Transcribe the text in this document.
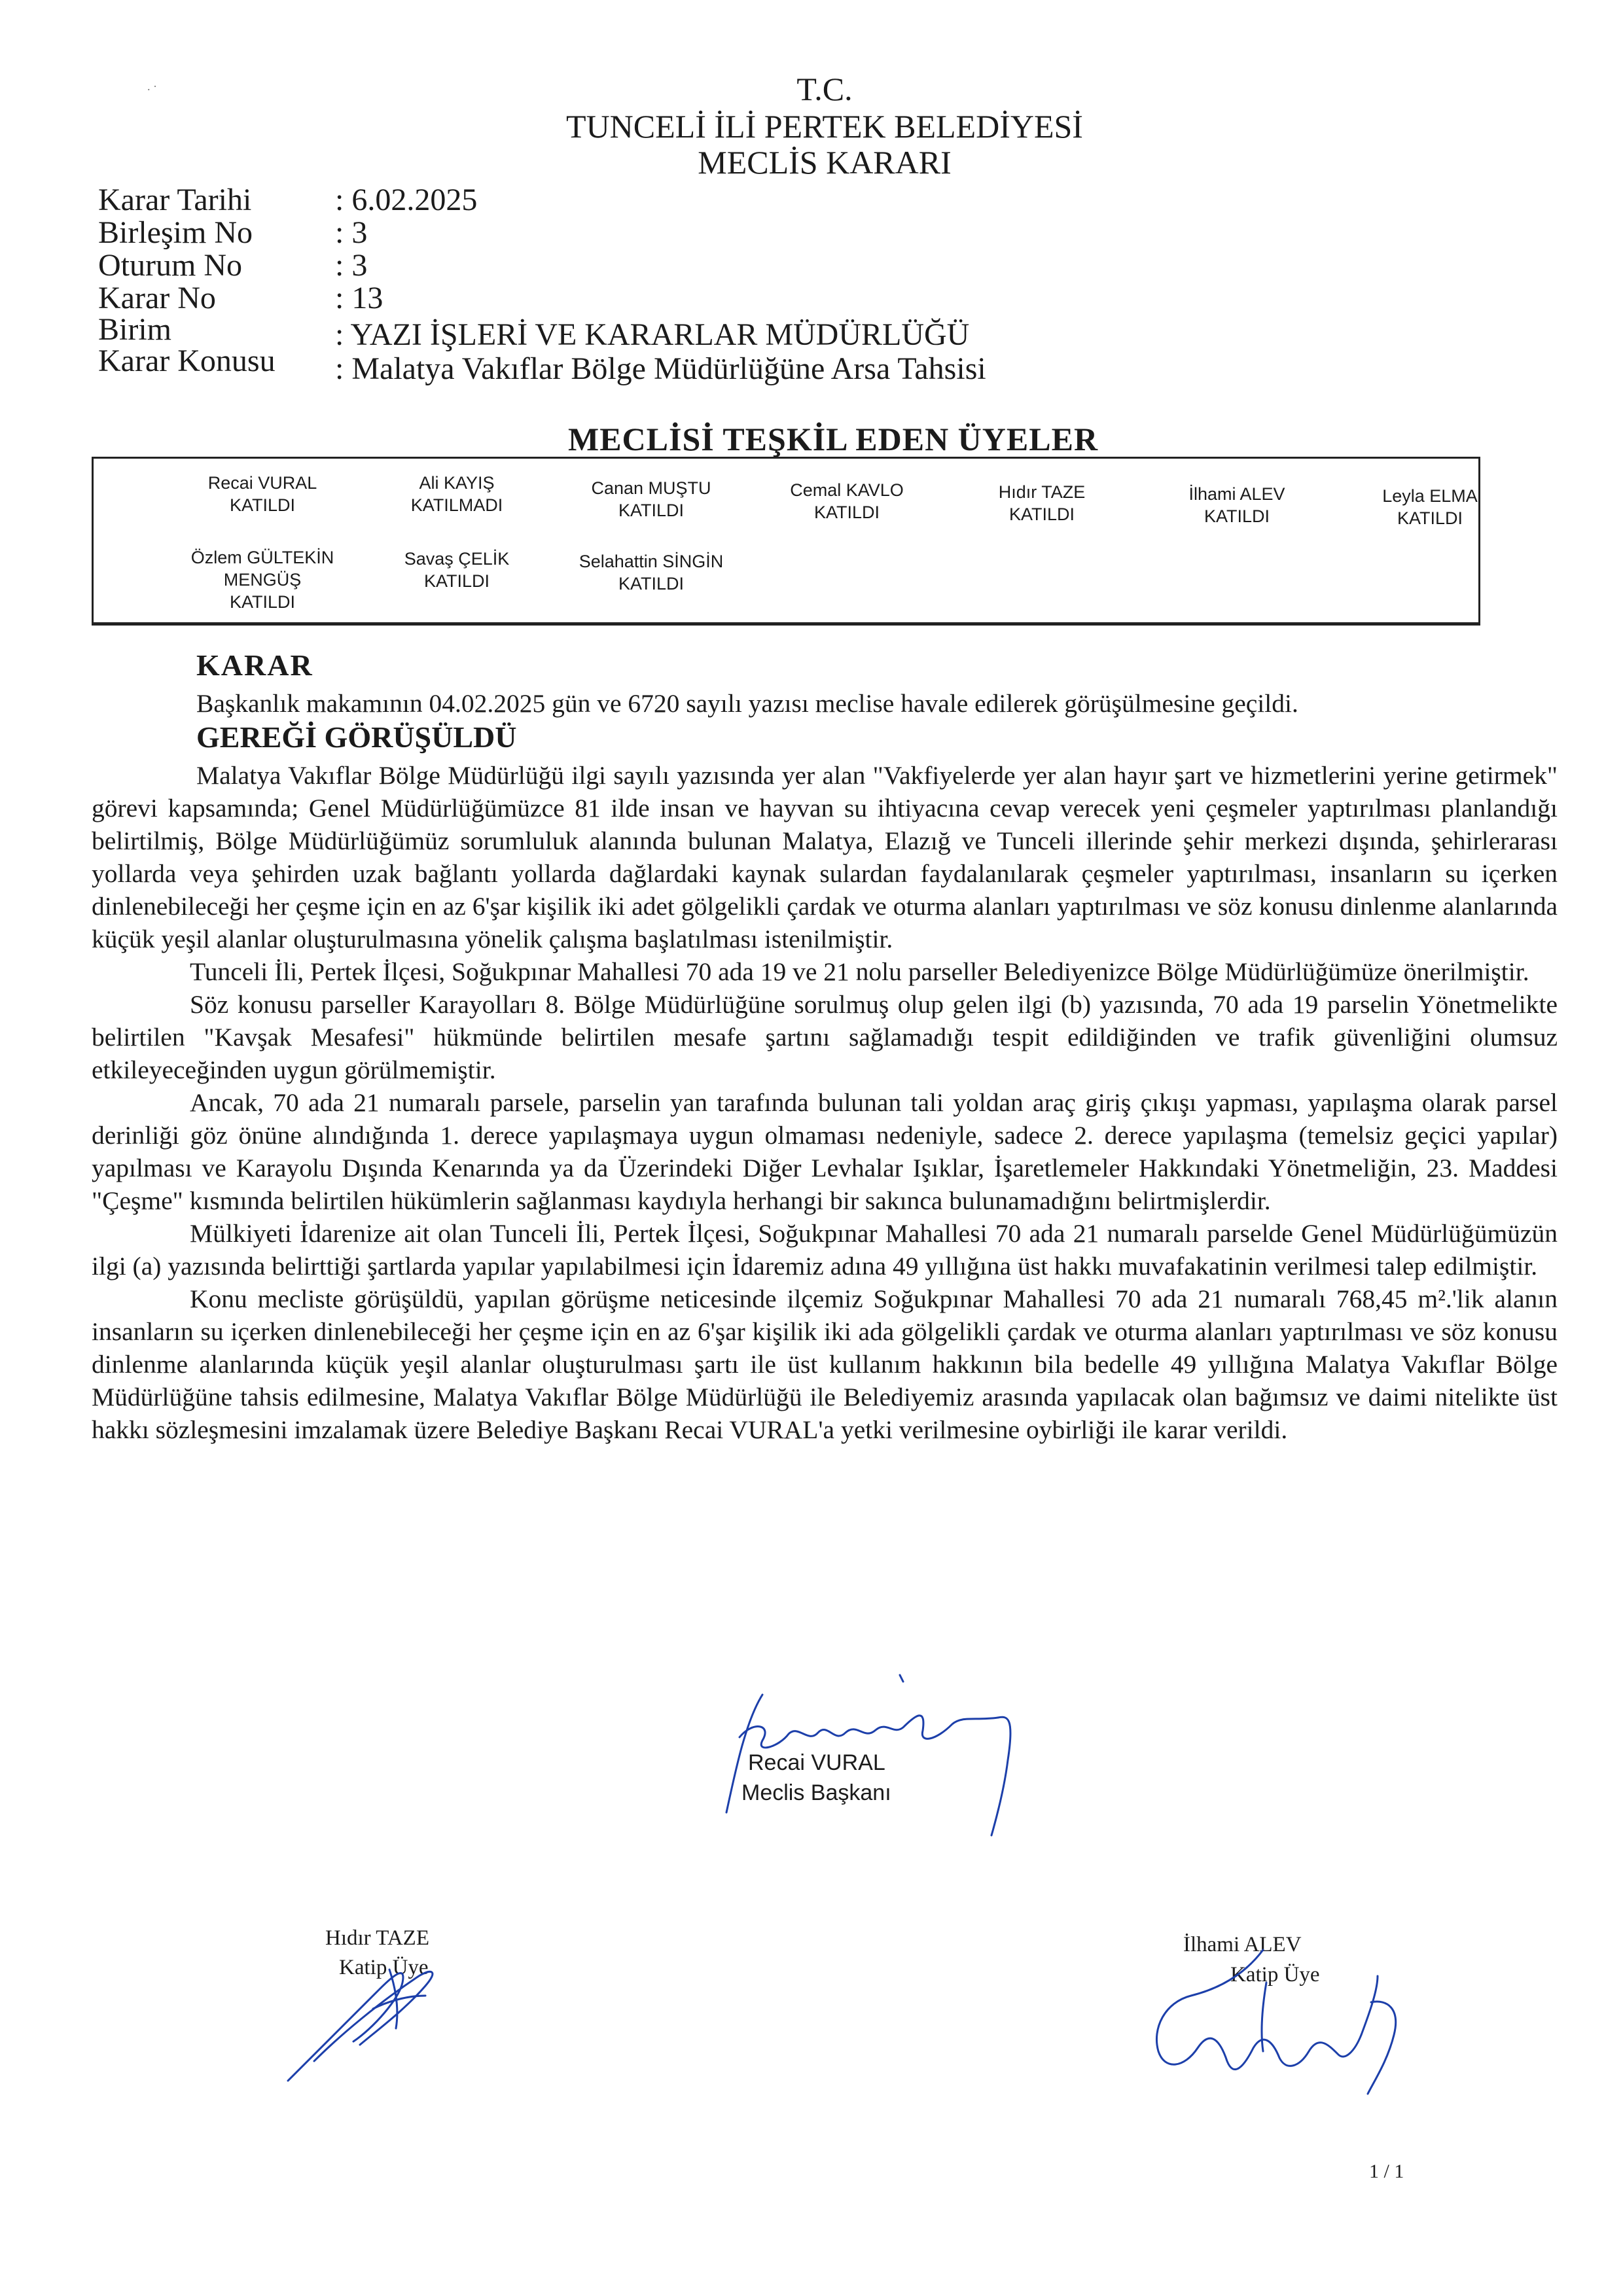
T.C.
TUNCELİ İLİ PERTEK BELEDİYESİ
MECLİS KARARI
. ·
Karar Tarihi	: 6.02.2025
Birleşim No	: 3
Oturum No	: 3
Karar No	: 13
Birim	: YAZI İŞLERİ VE KARARLAR MÜDÜRLÜĞÜ
Karar Konusu : Malatya Vakıflar Bölge Müdürlüğüne Arsa Tahsisi
MECLİSİ TEŞKİL EDEN ÜYELER
Recai VURAL
KATILDI
Ali KAYIŞ
KATILMADI
Canan MUŞTU
KATILDI
Cemal KAVLO
KATILDI
Hıdır TAZE
KATILDI
İlhami ALEV
KATILDI
Leyla ELMA
KATILDI
Özlem GÜLTEKİN MENGÜŞ
KATILDI
Savaş ÇELİK
KATILDI
Selahattin SİNGİN
KATILDI
KARAR
Başkanlık makamının 04.02.2025 gün ve 6720 sayılı yazısı meclise havale edilerek görüşülmesine geçildi.
GEREĞİ GÖRÜŞÜLDÜ

Malatya Vakıflar Bölge Müdürlüğü ilgi sayılı yazısında yer alan "Vakfiyelerde yer alan hayır şart ve hizmetlerini yerine getirmek" görevi kapsamında; Genel Müdürlüğümüzce 81 ilde insan ve hayvan su ihtiyacına cevap verecek yeni çeşmeler yaptırılması planlandığı belirtilmiş, Bölge Müdürlüğümüz sorumluluk alanında bulunan Malatya, Elazığ ve Tunceli illerinde şehir merkezi dışında, şehirlerarası yollarda veya şehirden uzak bağlantı yollarda dağlardaki kaynak sulardan faydalanılarak çeşmeler yaptırılması, insanların su içerken dinlenebileceği her çeşme için en az 6'şar kişilik iki adet gölgelikli çardak ve oturma alanları yaptırılması ve söz konusu dinlenme alanlarında küçük yeşil alanlar oluşturulmasına yönelik çalışma başlatılması istenilmiştir.

Tunceli İli, Pertek İlçesi, Soğukpınar Mahallesi 70 ada 19 ve 21 nolu parseller Belediyenizce Bölge Müdürlüğümüze önerilmiştir.

Söz konusu parseller Karayolları 8. Bölge Müdürlüğüne sorulmuş olup gelen ilgi (b) yazısında, 70 ada 19 parselin Yönetmelikte belirtilen "Kavşak Mesafesi" hükmünde belirtilen mesafe şartını sağlamadığı tespit edildiğinden ve trafik güvenliğini olumsuz etkileyeceğinden uygun görülmemiştir.

Ancak, 70 ada 21 numaralı parsele, parselin yan tarafında bulunan tali yoldan araç giriş çıkışı yapması, yapılaşma olarak parsel derinliği göz önüne alındığında 1. derece yapılaşmaya uygun olmaması nedeniyle, sadece 2. derece yapılaşma (temelsiz geçici yapılar) yapılması ve Karayolu Dışında Kenarında ya da Üzerindeki Diğer Levhalar Işıklar, İşaretlemeler Hakkındaki Yönetmeliğin, 23. Maddesi "Çeşme" kısmında belirtilen hükümlerin sağlanması kaydıyla herhangi bir sakınca bulunamadığını belirtmişlerdir.

Mülkiyeti İdarenize ait olan Tunceli İli, Pertek İlçesi, Soğukpınar Mahallesi 70 ada 21 numaralı parselde Genel Müdürlüğümüzün ilgi (a) yazısında belirttiği şartlarda yapılar yapılabilmesi için İdaremiz adına 49 yıllığına üst hakkı muvafakatinin verilmesi talep edilmiştir.

Konu mecliste görüşüldü, yapılan görüşme neticesinde ilçemiz Soğukpınar Mahallesi 70 ada 21 numaralı 768,45 m².'lik alanın insanların su içerken dinlenebileceği her çeşme için en az 6'şar kişilik iki ada gölgelikli çardak ve oturma alanları yaptırılması ve söz konusu dinlenme alanlarında küçük yeşil alanlar oluşturulması şartı ile üst kullanım hakkının bila bedelle 49 yıllığına Malatya Vakıflar Bölge Müdürlüğüne tahsis edilmesine, Malatya Vakıflar Bölge Müdürlüğü ile Belediyemiz arasında yapılacak olan bağımsız ve daimi nitelikte üst hakkı sözleşmesini imzalamak üzere Belediye Başkanı Recai VURAL'a yetki verilmesine oybirliği ile karar verildi.

Recai VURAL
Meclis Başkanı
Hıdır TAZE
Katip Üye
İlhami ALEV
Katip Üye
1 / 1
